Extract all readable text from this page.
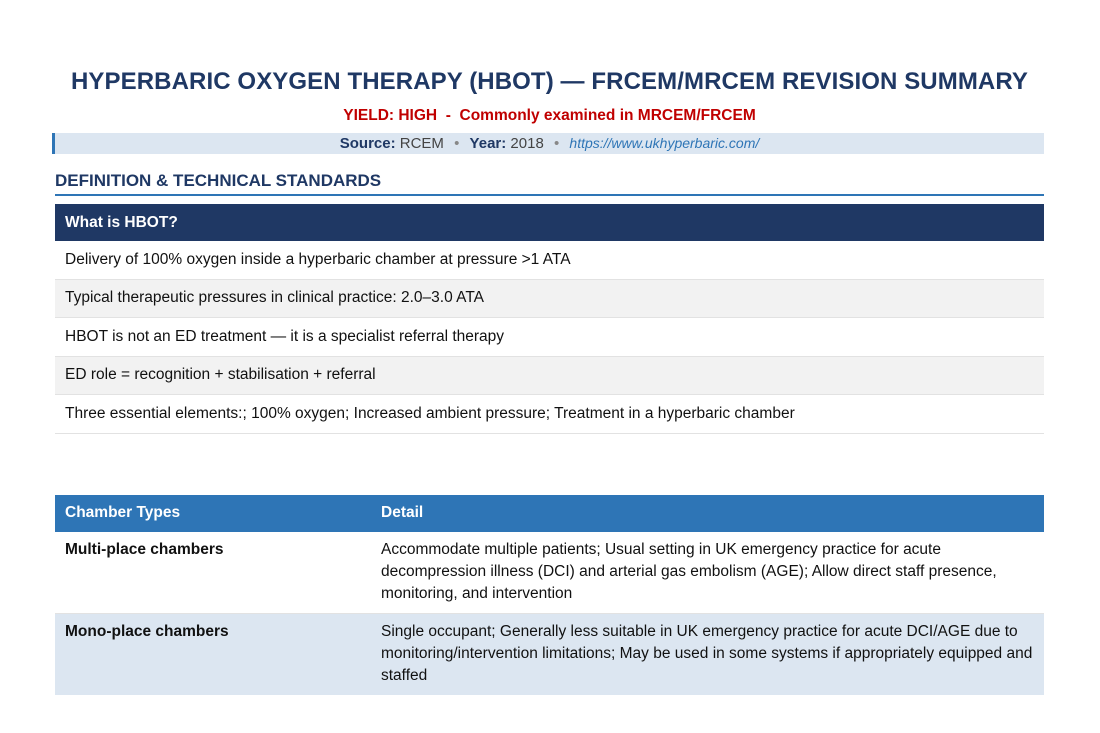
HYPERBARIC OXYGEN THERAPY (HBOT) — FRCEM/MRCEM REVISION SUMMARY
YIELD: HIGH  -  Commonly examined in MRCEM/FRCEM
Source: RCEM • Year: 2018 • https://www.ukhyperbaric.com/
DEFINITION & TECHNICAL STANDARDS
What is HBOT?
Delivery of 100% oxygen inside a hyperbaric chamber at pressure >1 ATA
Typical therapeutic pressures in clinical practice: 2.0–3.0 ATA
HBOT is not an ED treatment — it is a specialist referral therapy
ED role = recognition + stabilisation + referral
Three essential elements:; 100% oxygen; Increased ambient pressure; Treatment in a hyperbaric chamber
Chamber Types	Detail
Multi-place chambers	Accommodate multiple patients; Usual setting in UK emergency practice for acute decompression illness (DCI) and arterial gas embolism (AGE); Allow direct staff presence, monitoring, and intervention
Mono-place chambers	Single occupant; Generally less suitable in UK emergency practice for acute DCI/AGE due to monitoring/intervention limitations; May be used in some systems if appropriately equipped and staffed
